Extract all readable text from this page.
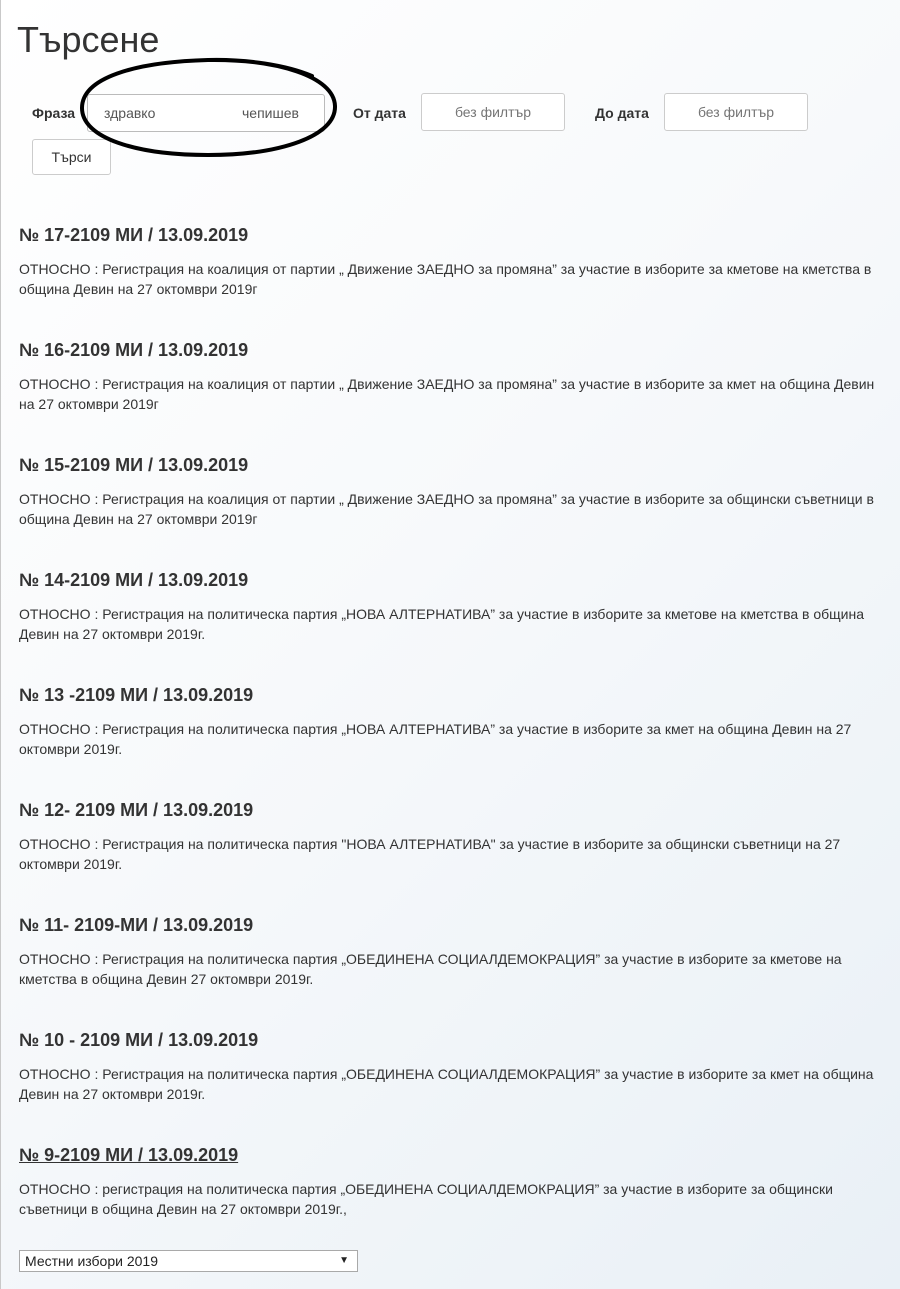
Търсене
Фраза здравко	чепишев	От дата
без филтър	До дата
без филтър
Търси
№ 17-2109 МИ / 13.09.2019
ОТНОСНО : Регистрация на коалиция от партии „ Движение ЗАЕДНО за промяна” за участие в изборите за кметове на кметства в община Девин на 27 октомври 2019г
№ 16-2109 МИ / 13.09.2019
ОТНОСНО : Регистрация на коалиция от партии „ Движение ЗАЕДНО за промяна” за участие в изборите за кмет на община Девин на 27 октомври 2019г
№ 15-2109 МИ / 13.09.2019
ОТНОСНО : Регистрация на коалиция от партии „ Движение ЗАЕДНО за промяна” за участие в изборите за общински съветници в община Девин на 27 октомври 2019г
№ 14-2109 МИ / 13.09.2019
ОТНОСНО : Регистрация на политическа партия „НОВА АЛТЕРНАТИВА” за участие в изборите за кметове на кметства в община Девин на 27 октомври 2019г.
№ 13 -2109 МИ / 13.09.2019
ОТНОСНО : Регистрация на политическа партия „НОВА АЛТЕРНАТИВА” за участие в изборите за кмет на община Девин на 27 октомври 2019г.
№ 12- 2109 МИ / 13.09.2019
ОТНОСНО : Регистрация на политическа партия "НОВА АЛТЕРНАТИВА" за участие в изборите за общински съветници на 27 октомври 2019г.
№ 11- 2109-МИ / 13.09.2019
ОТНОСНО : Регистрация на политическа партия „ОБЕДИНЕНА СОЦИАЛДЕМОКРАЦИЯ” за участие в изборите за кметове на кметства в община Девин 27 октомври 2019г.
№ 10 - 2109 МИ / 13.09.2019
ОТНОСНО : Регистрация на политическа партия „ОБЕДИНЕНА СОЦИАЛДЕМОКРАЦИЯ” за участие в изборите за кмет на община Девин на 27 октомври 2019г.
№ 9-2109 МИ / 13.09.2019
ОТНОСНО : регистрация на политическа партия „ОБЕДИНЕНА СОЦИАЛДЕМОКРАЦИЯ” за участие в изборите за общински съветници в община Девин на 27 октомври 2019г.,
Местни избори 2019	▼
